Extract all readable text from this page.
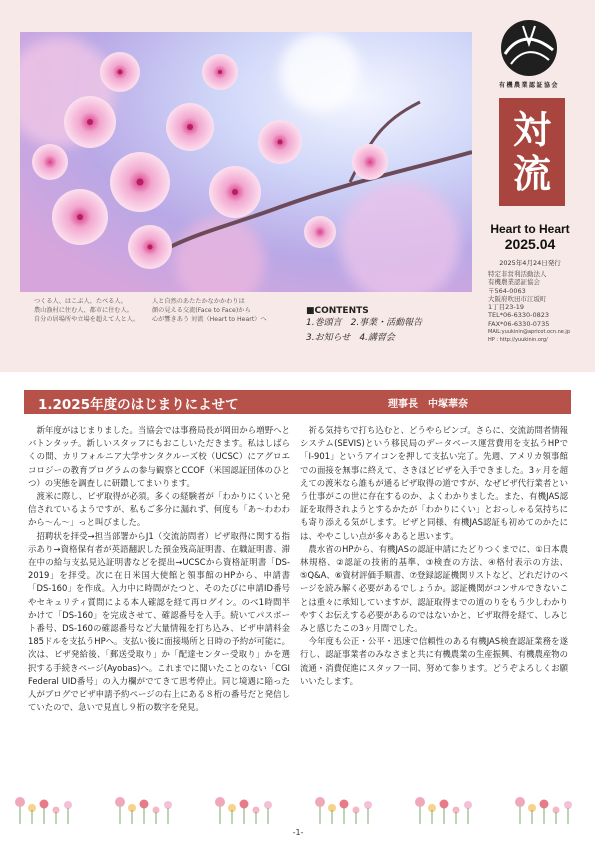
つくる人、はこぶ人、たべる人。
農山漁村に住む人、都市に住む人。
自分の居場所や立場を超えて人と人。
人と自然のあたたかなかかわりは
顔の見える交流(Face to Face)から
心が響きあう 対流（Heart to Heart）へ
有機農業認証協会
対
流
Heart to Heart
2025.04
2025年4月24日発行
特定非営利活動法人
有機農業認証協会
〒564-0063
大阪府吹田市江坂町
1丁目23-19
TEL*06-6330-0823
FAX*06-6330-0735
MAIL:yuukinin@apricot.ocn.ne.jp
HP : http://yuukinin.org/
■CONTENTS
1.巻頭言　2.事業・活動報告
3.お知らせ　4.講習会
1.2025年度のはじまりによせて	理事長　中塚華奈
　新年度がはじまりました。当協会では事務局長が岡田から増野へとバトンタッチ。新しいスタッフにもおこしいただきます。私はしばらくの間、カリフォルニア大学サンタクルーズ校（UCSC）にアグロエコロジーの教育プログラムの参与観察とCCOF（米国認証団体のひとつ）の実態を調査しに研鑽してまいります。
　渡米に際し、ビザ取得が必須。多くの経験者が「わかりにくいと発信されているようですが、私もご多分に漏れず、何度も「あ～わわわから～ん～」っと叫びました。
　招聘状を拝受→担当部署からJ1（交流訪問者）ビザ取得に関する指示あり→資格保有者が英語翻訳した預金残高証明書、在職証明書、滞在中の給与支払見込証明書などを提出→UCSCから資格証明書「DS-2019」を拝受。次に在日米国大使館と領事館のHPから、申請書「DS-160」を作成。入力中に時間がたつと、そのたびに申請ID番号やセキュリティ質問による本人確認を経て再ログイン。のべ1時間半かけて「DS-160」を完成させて、確認番号を入手。続いてパスポート番号、DS-160の確認番号など大量情報を打ち込み、ビザ申請料金185ドルを支払うHPへ。支払い後に面接場所と日時の予約が可能に。次は、ビザ発給後、「郵送受取り」か「配達センター受取り」かを選択する手続きページ(Ayobas)へ。これまでに聞いたことのない「CGI Federal UID番号」の入力欄がでてきて思考停止。同じ境遇に陥った人がブログでビザ申請予約ページの右上にある８桁の番号だと発信していたので、急いで見直し９桁の数字を発見。
　祈る気持ちで打ち込むと、どうやらビンゴ。さらに、交流訪問者情報システム(SEVIS)という移民局のデータベース運営費用を支払うHPで「I-901」というアイコンを押して支払い完了。先週、アメリカ領事館での面接を無事に終えて、さきほどビザを入手できました。3ヶ月を超えての渡米なら誰もが通るビザ取得の道ですが、なぜビザ代行業者という仕事がこの世に存在するのか、よくわかりました。また、有機JAS認証を取得されようとするかたが「わかりにくい」とおっしゃる気持ちにも寄り添える気がします。ビザと同様、有機JAS認証も初めてのかたには、ややこしい点が多々あると思います。
　農水省のHPから、有機JASの認証申請にたどりつくまでに、①日本農林規格、②認証の技術的基準、③検査の方法、④格付表示の方法、⑤Q&A、⑥資材評価手順書、⑦登録認証機関リストなど、どれだけのページを読み解く必要があるでしょうか。認証機関がコンサルできないことは重々に承知していますが、認証取得までの道のりをもう少しわかりやすくお伝えする必要があるのではないかと、ビザ取得を経て、しみじみと感じたこの3ヶ月間でした。
　今年度も公正・公平・迅速で信頼性のある有機JAS検査認証業務を遂行し、認証事業者のみなさまと共に有機農業の生産振興、有機農産物の流通・消費促進にスタッフ一同、努めて参ります。どうぞよろしくお願いいたします。
-1-
